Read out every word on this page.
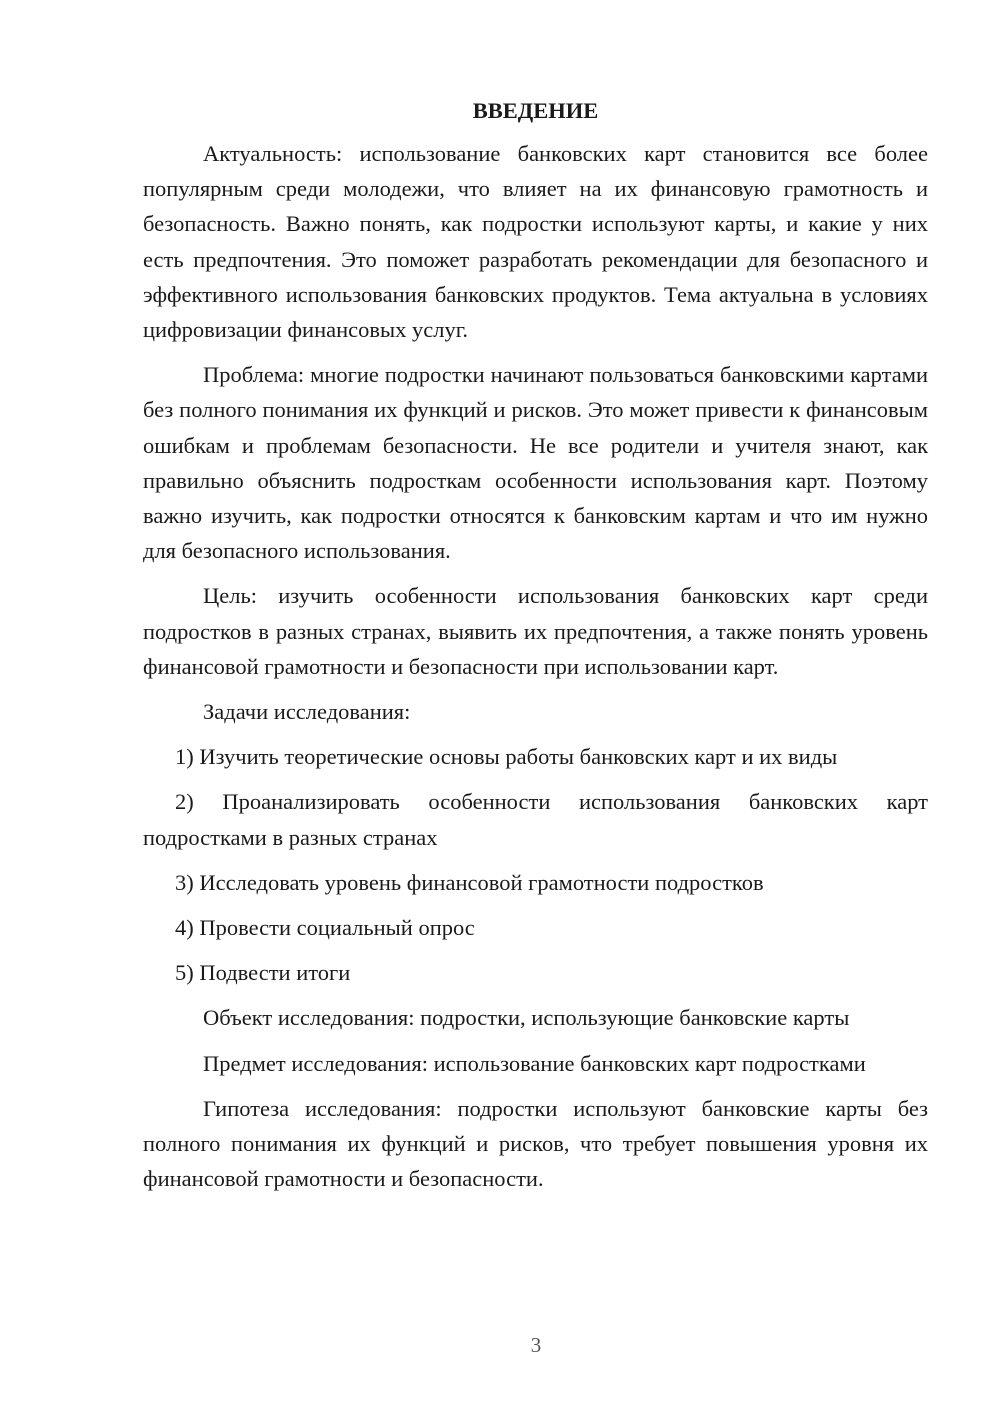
ВВЕДЕНИЕ

Актуальность: использование банковских карт становится все более популярным среди молодежи, что влияет на их финансовую грамотность и безопасность. Важно понять, как подростки используют карты, и какие у них есть предпочтения. Это поможет разработать рекомендации для безопасного и эффективного использования банковских продуктов. Тема актуальна в условиях цифровизации финансовых услуг.

Проблема: многие подростки начинают пользоваться банковскими картами без полного понимания их функций и рисков. Это может привести к финансовым ошибкам и проблемам безопасности. Не все родители и учителя знают, как правильно объяснить подросткам особенности использования карт. Поэтому важно изучить, как подростки относятся к банковским картам и что им нужно для безопасного использования.

Цель: изучить особенности использования банковских карт среди подростков в разных странах, выявить их предпочтения, а также понять уровень финансовой грамотности и безопасности при использовании карт.

Задачи исследования:

1) Изучить теоретические основы работы банковских карт и их виды

2) Проанализировать особенности использования банковских карт подростками в разных странах

3) Исследовать уровень финансовой грамотности подростков

4) Провести социальный опрос

5) Подвести итоги

Объект исследования: подростки, использующие банковские карты

Предмет исследования: использование банковских карт подростками

Гипотеза исследования: подростки используют банковские карты без полного понимания их функций и рисков, что требует повышения уровня их финансовой грамотности и безопасности.

3
